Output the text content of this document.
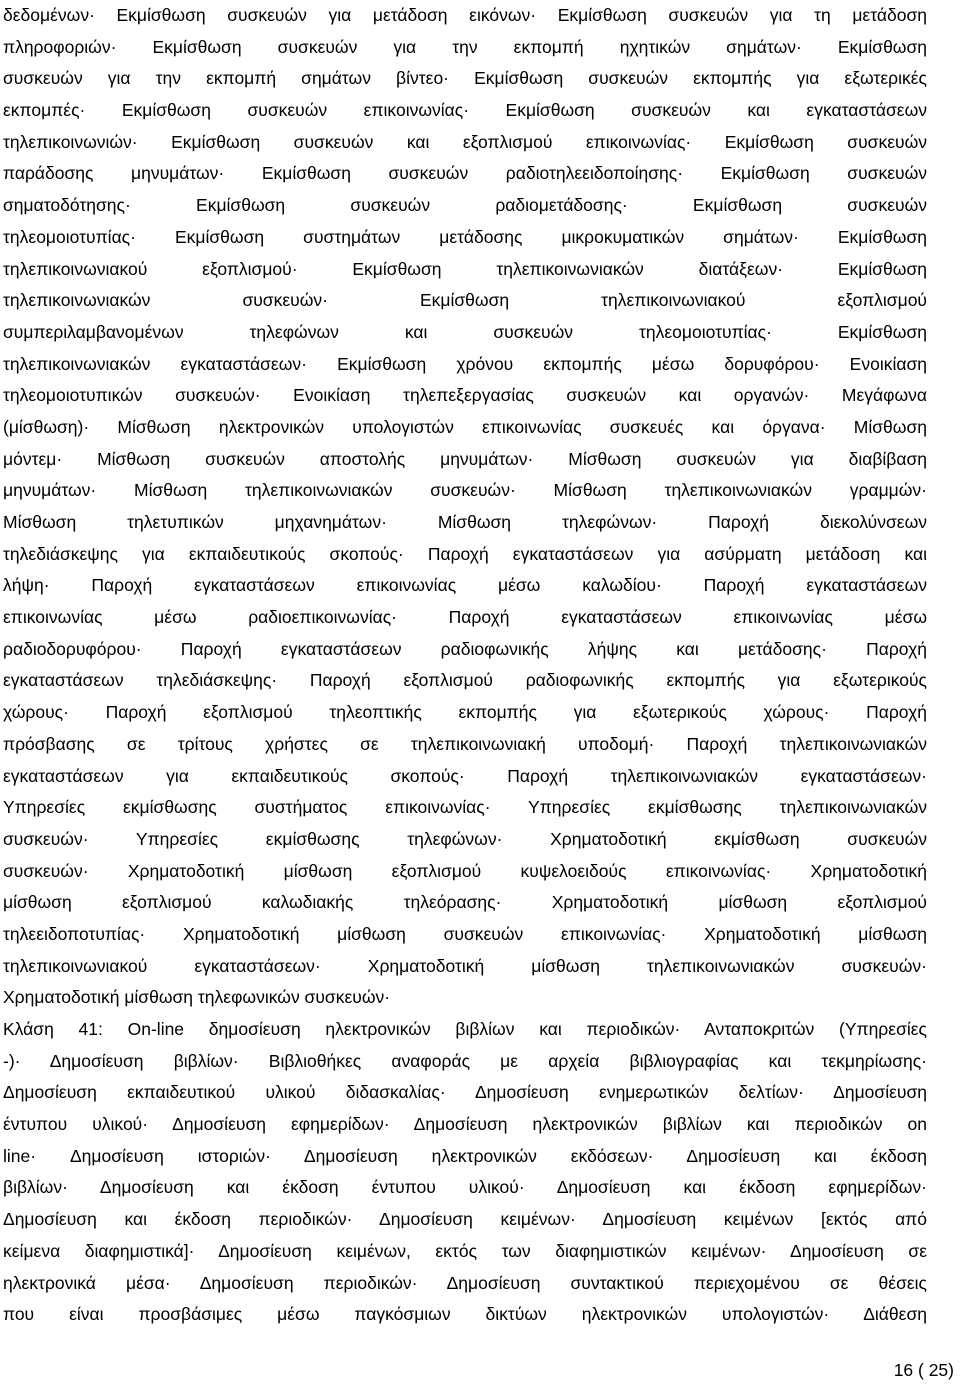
δεδομένων· Εκμίσθωση συσκευών για μετάδοση εικόνων· Εκμίσθωση συσκευών για τη μετάδοση
πληροφοριών· Εκμίσθωση συσκευών για την εκπομπή ηχητικών σημάτων· Εκμίσθωση
συσκευών για την εκπομπή σημάτων βίντεο· Εκμίσθωση συσκευών εκπομπής για εξωτερικές
εκπομπές· Εκμίσθωση συσκευών επικοινωνίας· Εκμίσθωση συσκευών και εγκαταστάσεων
τηλεπικοινωνιών· Εκμίσθωση συσκευών και εξοπλισμού επικοινωνίας· Εκμίσθωση συσκευών
παράδοσης μηνυμάτων· Εκμίσθωση συσκευών ραδιοτηλεειδοποίησης· Εκμίσθωση συσκευών
σηματοδότησης· Εκμίσθωση συσκευών ραδιομετάδοσης· Εκμίσθωση συσκευών
τηλεομοιοτυπίας· Εκμίσθωση συστημάτων μετάδοσης μικροκυματικών σημάτων· Εκμίσθωση
τηλεπικοινωνιακού εξοπλισμού· Εκμίσθωση τηλεπικοινωνιακών διατάξεων· Εκμίσθωση
τηλεπικοινωνιακών συσκευών· Εκμίσθωση τηλεπικοινωνιακού εξοπλισμού
συμπεριλαμβανομένων τηλεφώνων και συσκευών τηλεομοιοτυπίας· Εκμίσθωση
τηλεπικοινωνιακών εγκαταστάσεων· Εκμίσθωση χρόνου εκπομπής μέσω δορυφόρου· Ενοικίαση
τηλεομοιοτυπικών συσκευών· Ενοικίαση τηλεπεξεργασίας συσκευών και οργανών· Μεγάφωνα
(μίσθωση)· Μίσθωση ηλεκτρονικών υπολογιστών επικοινωνίας συσκευές και όργανα· Μίσθωση
μόντεμ· Μίσθωση συσκευών αποστολής μηνυμάτων· Μίσθωση συσκευών για διαβίβαση
μηνυμάτων· Μίσθωση τηλεπικοινωνιακών συσκευών· Μίσθωση τηλεπικοινωνιακών γραμμών·
Μίσθωση τηλετυπικών μηχανημάτων· Μίσθωση τηλεφώνων· Παροχή διεκολύνσεων
τηλεδιάσκεψης για εκπαιδευτικούς σκοπούς· Παροχή εγκαταστάσεων για ασύρματη μετάδοση και
λήψη· Παροχή εγκαταστάσεων επικοινωνίας μέσω καλωδίου· Παροχή εγκαταστάσεων
επικοινωνίας μέσω ραδιοεπικοινωνίας· Παροχή εγκαταστάσεων επικοινωνίας μέσω
ραδιοδορυφόρου· Παροχή εγκαταστάσεων ραδιοφωνικής λήψης και μετάδοσης· Παροχή
εγκαταστάσεων τηλεδιάσκεψης· Παροχή εξοπλισμού ραδιοφωνικής εκπομπής για εξωτερικούς
χώρους· Παροχή εξοπλισμού τηλεοπτικής εκπομπής για εξωτερικούς χώρους· Παροχή
πρόσβασης σε τρίτους χρήστες σε τηλεπικοινωνιακή υποδομή· Παροχή τηλεπικοινωνιακών
εγκαταστάσεων για εκπαιδευτικούς σκοπούς· Παροχή τηλεπικοινωνιακών εγκαταστάσεων·
Υπηρεσίες εκμίσθωσης συστήματος επικοινωνίας· Υπηρεσίες εκμίσθωσης τηλεπικοινωνιακών
συσκευών· Υπηρεσίες εκμίσθωσης τηλεφώνων· Χρηματοδοτική εκμίσθωση συσκευών
συσκευών· Χρηματοδοτική μίσθωση εξοπλισμού κυψελοειδούς επικοινωνίας· Χρηματοδοτική
μίσθωση εξοπλισμού καλωδιακής τηλεόρασης· Χρηματοδοτική μίσθωση εξοπλισμού
τηλεειδοποτυπίας· Χρηματοδοτική μίσθωση συσκευών επικοινωνίας· Χρηματοδοτική μίσθωση
τηλεπικοινωνιακού εγκαταστάσεων· Χρηματοδοτική μίσθωση τηλεπικοινωνιακών συσκευών·
Χρηματοδοτική μίσθωση τηλεφωνικών συσκευών·
Κλάση 41: On-line δημοσίευση ηλεκτρονικών βιβλίων και περιοδικών· Ανταποκριτών (Υπηρεσίες
-)· Δημοσίευση βιβλίων· Βιβλιοθήκες αναφοράς με αρχεία βιβλιογραφίας και τεκμηρίωσης·
Δημοσίευση εκπαιδευτικού υλικού διδασκαλίας· Δημοσίευση ενημερωτικών δελτίων· Δημοσίευση
έντυπου υλικού· Δημοσίευση εφημερίδων· Δημοσίευση ηλεκτρονικών βιβλίων και περιοδικών on
line· Δημοσίευση ιστοριών· Δημοσίευση ηλεκτρονικών εκδόσεων· Δημοσίευση και έκδοση
βιβλίων· Δημοσίευση και έκδοση έντυπου υλικού· Δημοσίευση και έκδοση εφημερίδων·
Δημοσίευση και έκδοση περιοδικών· Δημοσίευση κειμένων· Δημοσίευση κειμένων [εκτός από
κείμενα διαφημιστικά]· Δημοσίευση κειμένων, εκτός των διαφημιστικών κειμένων· Δημοσίευση σε
ηλεκτρονικά μέσα· Δημοσίευση περιοδικών· Δημοσίευση συντακτικού περιεχομένου σε θέσεις
που είναι προσβάσιμες μέσω παγκόσμιων δικτύων ηλεκτρονικών υπολογιστών· Διάθεση
16 ( 25)
